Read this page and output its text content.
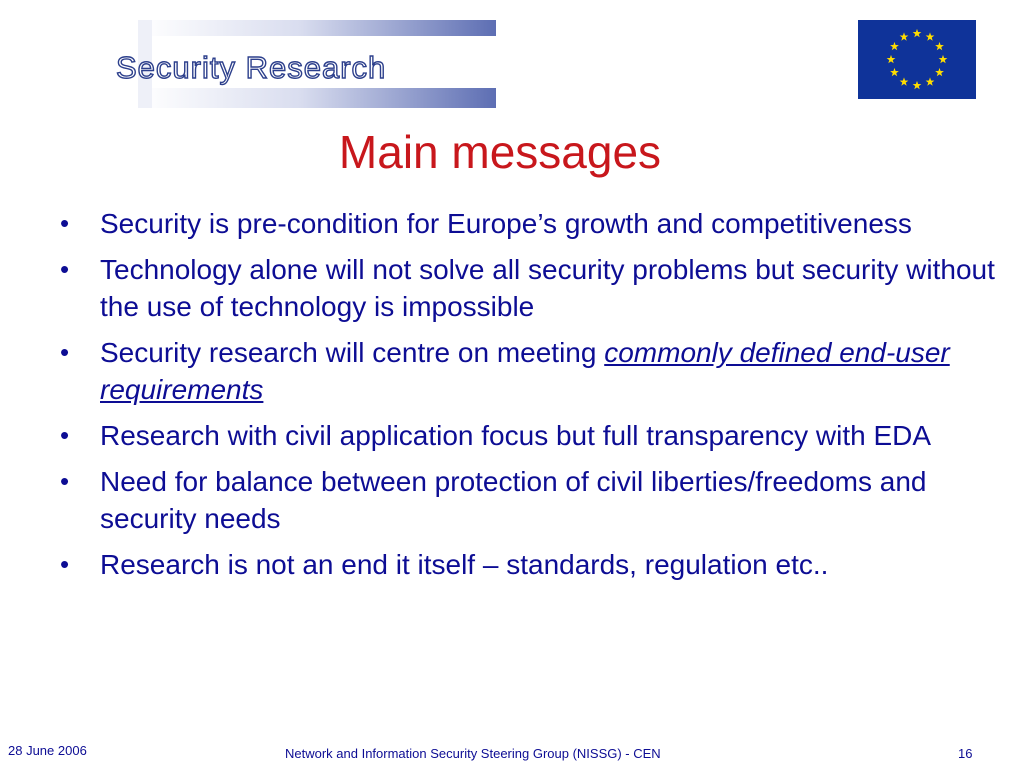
Security Research
Main messages
•	Security is pre-condition for Europe’s growth and competitiveness
•	Technology alone will not solve all security problems but security without the use of technology is impossible
•	Security research will centre on meeting commonly defined end-user requirements
•	Research with civil application focus but full transparency with EDA
•	Need for balance between protection of civil liberties/freedoms and security needs
•	Research is not an end it itself – standards, regulation etc..
28 June 2006	Network and Information Security Steering Group (NISSG) - CEN	16
